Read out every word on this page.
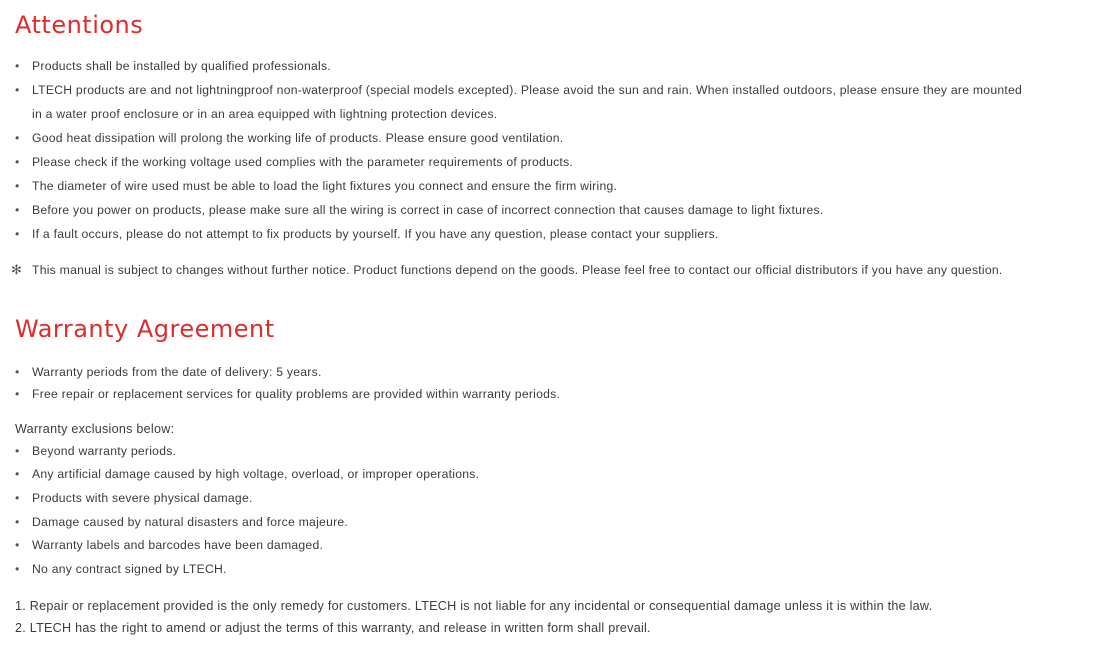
Attentions
•	Products shall be installed by qualified professionals.
•	LTECH products are and not lightningproof non-waterproof (special models excepted). Please avoid the sun and rain. When installed outdoors, please ensure they are mounted
in a water proof enclosure or in an area equipped with lightning protection devices.
•	Good heat dissipation will prolong the working life of products. Please ensure good ventilation.
•	Please check if the working voltage used complies with the parameter requirements of products.
•	The diameter of wire used must be able to load the light fixtures you connect and ensure the firm wiring.
•	Before you power on products, please make sure all the wiring is correct in case of incorrect connection that causes damage to light fixtures.
•	If a fault occurs, please do not attempt to fix products by yourself. If you have any question, please contact your suppliers.
✻ This manual is subject to changes without further notice. Product functions depend on the goods. Please feel free to contact our official distributors if you have any question.
Warranty Agreement
•	Warranty periods from the date of delivery: 5 years.
•	Free repair or replacement services for quality problems are provided within warranty periods.
Warranty exclusions below:
•	Beyond warranty periods.
•	Any artificial damage caused by high voltage, overload, or improper operations.
•	Products with severe physical damage.
•	Damage caused by natural disasters and force majeure.
•	Warranty labels and barcodes have been damaged.
•	No any contract signed by LTECH.
1. Repair or replacement provided is the only remedy for customers. LTECH is not liable for any incidental or consequential damage unless it is within the law.
2. LTECH has the right to amend or adjust the terms of this warranty, and release in written form shall prevail.
